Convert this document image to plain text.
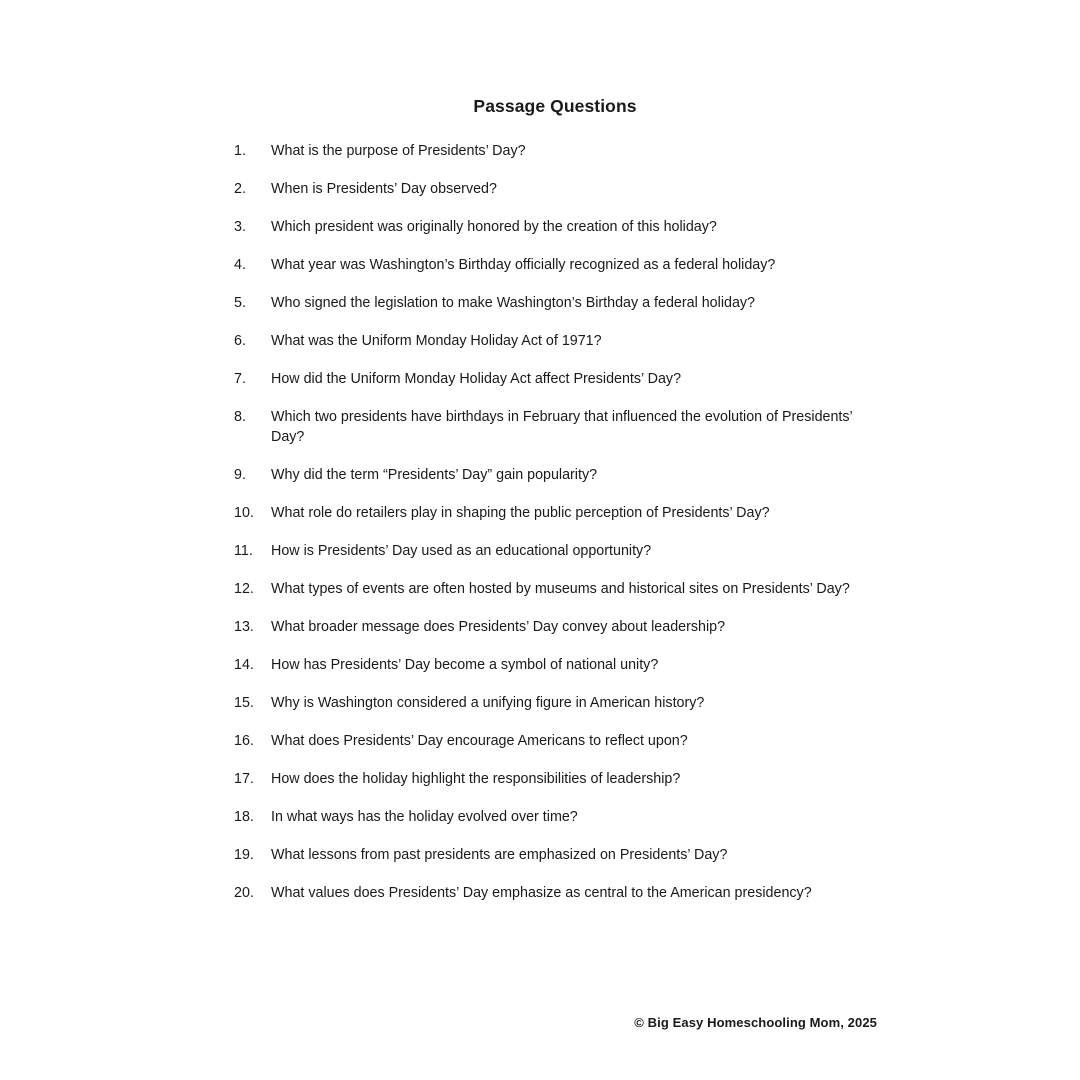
Passage Questions
1.	What is the purpose of Presidents’ Day?
2.	When is Presidents’ Day observed?
3.	Which president was originally honored by the creation of this holiday?
4.	What year was Washington’s Birthday officially recognized as a federal holiday?
5.	Who signed the legislation to make Washington’s Birthday a federal holiday?
6.	What was the Uniform Monday Holiday Act of 1971?
7.	How did the Uniform Monday Holiday Act affect Presidents’ Day?
8.	Which two presidents have birthdays in February that influenced the evolution of Presidents’ Day?
9.	Why did the term “Presidents’ Day” gain popularity?
10.	What role do retailers play in shaping the public perception of Presidents’ Day?
11.	How is Presidents’ Day used as an educational opportunity?
12.	What types of events are often hosted by museums and historical sites on Presidents’ Day?
13.	What broader message does Presidents’ Day convey about leadership?
14.	How has Presidents’ Day become a symbol of national unity?
15.	Why is Washington considered a unifying figure in American history?
16.	What does Presidents’ Day encourage Americans to reflect upon?
17.	How does the holiday highlight the responsibilities of leadership?
18.	In what ways has the holiday evolved over time?
19.	What lessons from past presidents are emphasized on Presidents’ Day?
20.	What values does Presidents’ Day emphasize as central to the American presidency?
© Big Easy Homeschooling Mom, 2025
